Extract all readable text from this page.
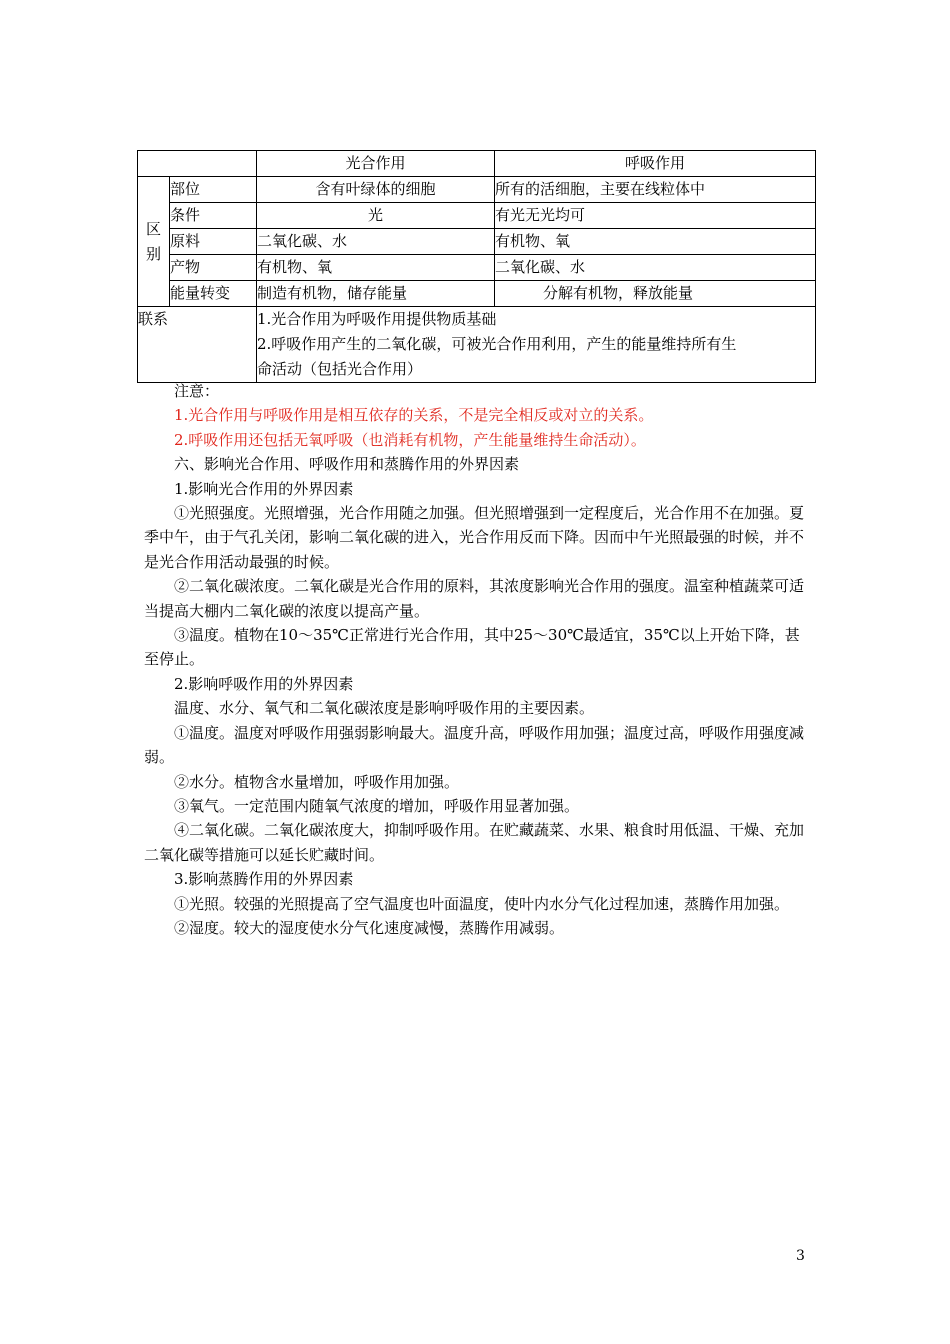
		光合作用	呼吸作用
区
别	部位	含有叶绿体的细胞	所有的活细胞，主要在线粒体中
	条件	光	有光无光均可
	原料	二氧化碳、水	有机物、氧
	产物	有机物、氧	二氧化碳、水
	能量转变	制造有机物，储存能量	分解有机物，释放能量
联系		1.光合作用为呼吸作用提供物质基础
2.呼吸作用产生的二氧化碳，可被光合作用利用，产生的能量维持所有生
命活动（包括光合作用）	

注意：

1.光合作用与呼吸作用是相互依存的关系，不是完全相反或对立的关系。

2.呼吸作用还包括无氧呼吸（也消耗有机物，产生能量维持生命活动）。

六、影响光合作用、呼吸作用和蒸腾作用的外界因素

1.影响光合作用的外界因素

①光照强度。光照增强，光合作用随之加强。但光照增强到一定程度后，光合作用不在加强。夏季中午，由于气孔关闭，影响二氧化碳的进入，光合作用反而下降。因而中午光照最强的时候，并不是光合作用活动最强的时候。

②二氧化碳浓度。二氧化碳是光合作用的原料，其浓度影响光合作用的强度。温室种植蔬菜可适当提高大棚内二氧化碳的浓度以提高产量。

③温度。植物在10～35℃正常进行光合作用，其中25～30℃最适宜，35℃以上开始下降，甚至停止。

2.影响呼吸作用的外界因素

温度、水分、氧气和二氧化碳浓度是影响呼吸作用的主要因素。

①温度。温度对呼吸作用强弱影响最大。温度升高，呼吸作用加强；温度过高，呼吸作用强度减弱。

②水分。植物含水量增加，呼吸作用加强。

③氧气。一定范围内随氧气浓度的增加，呼吸作用显著加强。

④二氧化碳。二氧化碳浓度大，抑制呼吸作用。在贮藏蔬菜、水果、粮食时用低温、干燥、充加二氧化碳等措施可以延长贮藏时间。

3.影响蒸腾作用的外界因素

①光照。较强的光照提高了空气温度也叶面温度，使叶内水分气化过程加速，蒸腾作用加强。

②湿度。较大的湿度使水分气化速度减慢，蒸腾作用减弱。

3
